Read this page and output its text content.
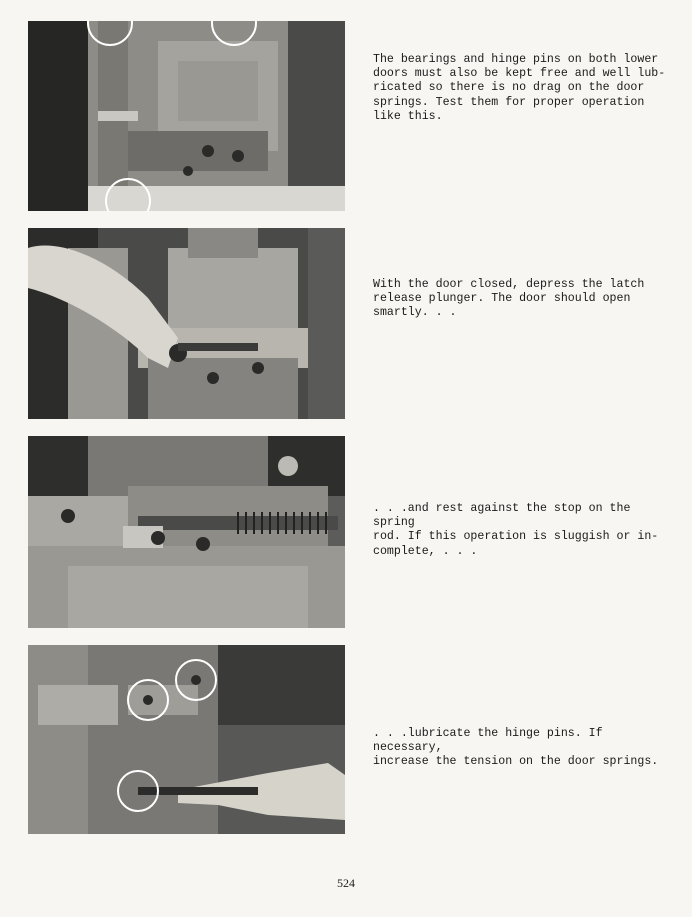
The bearings and hinge pins on both lower
doors must also be kept free and well lub-
ricated so there is no drag on the door
springs. Test them for proper operation
like this.
With the door closed, depress the latch
release plunger. The door should open
smartly. . .
. . .and rest against the stop on the spring
rod. If this operation is sluggish or in-
complete, . . .
. . .lubricate the hinge pins. If necessary,
increase the tension on the door springs.
524
